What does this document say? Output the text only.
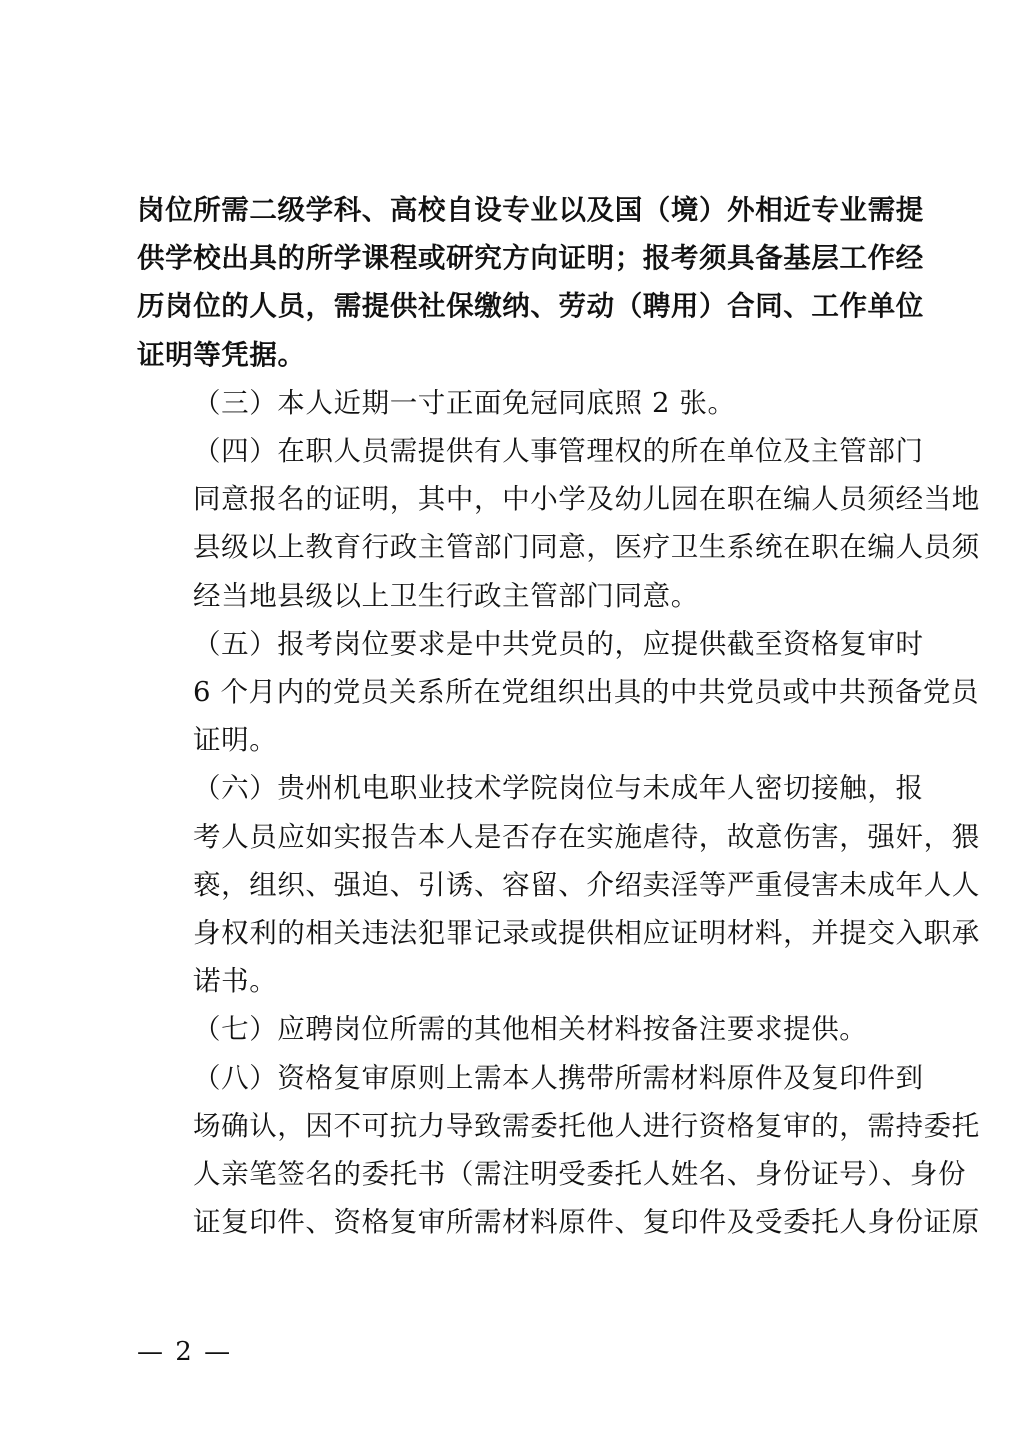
岗位所需二级学科、高校自设专业以及国（境）外相近专业需提
供学校出具的所学课程或研究方向证明；报考须具备基层工作经
历岗位的人员，需提供社保缴纳、劳动（聘用）合同、工作单位
证明等凭据。

（三）本人近期一寸正面免冠同底照 2 张。

（四）在职人员需提供有人事管理权的所在单位及主管部门
同意报名的证明，其中，中小学及幼儿园在职在编人员须经当地
县级以上教育行政主管部门同意，医疗卫生系统在职在编人员须
经当地县级以上卫生行政主管部门同意。

（五）报考岗位要求是中共党员的，应提供截至资格复审时
6 个月内的党员关系所在党组织出具的中共党员或中共预备党员
证明。

（六）贵州机电职业技术学院岗位与未成年人密切接触，报
考人员应如实报告本人是否存在实施虐待，故意伤害，强奸，猥
亵，组织、强迫、引诱、容留、介绍卖淫等严重侵害未成年人人
身权利的相关违法犯罪记录或提供相应证明材料，并提交入职承
诺书。

（七）应聘岗位所需的其他相关材料按备注要求提供。

（八）资格复审原则上需本人携带所需材料原件及复印件到
场确认，因不可抗力导致需委托他人进行资格复审的，需持委托
人亲笔签名的委托书（需注明受委托人姓名、身份证号）、身份
证复印件、资格复审所需材料原件、复印件及受委托人身份证原

— 2 —
